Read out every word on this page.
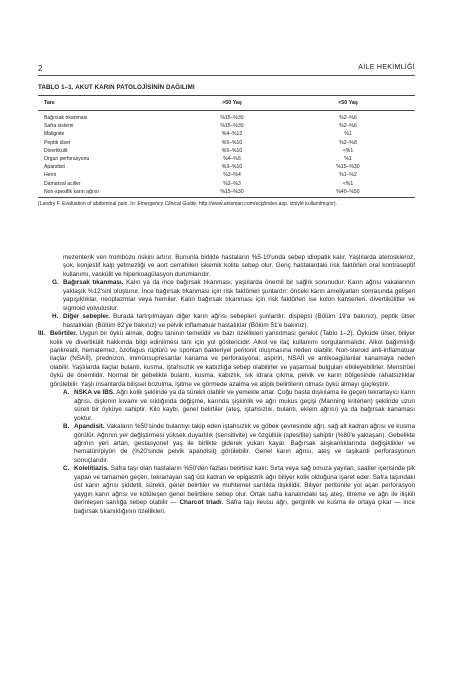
2	AİLE HEKİMLİĞİ
TABLO 1–1. AKUT KARIN PATOLOJİSİNİN DAĞILIMI
Tanı	>50 Yaş	<50 Yaş
Bağırsak tıkanması	%15–%30	%2–%6
Safra sistemi	%15–%30	%2–%6
Malignite	%4–%13	%1
Peptik ülser	%5–%10	%2–%8
Divertikülit	%5–%10	<%1
Organ perforasyonu	%4–%6	%1
Apandisit	%3–%10	%15–%30
Herni	%3–%4	%1–%2
Damarsal aciller	%2–%3	<%1
Non-spesifik karın ağrısı	%15–%30	%40–%50
(Landry F. Evaluation of abdominal pain. In: Emergency Clinical Guide. http://www.anisman.com/ecg/index.asp. izniyle kullanılmıştır).
mezenterik ven trombozu riskini artırır. Bununla birlikte hastaların %5-10'unda sebep idiopatik kalır. Yaşlılarda ateroskleroz, şok, konjestif kalp yetmezliği ve aort cerrahileri iskemik kolite sebep olur. Genç hastalardaki risk faktörleri oral kontraseptif kullanımı, vaskülit ve hiperkoagülasyon durumlarıdır.
G. Bağırsak tıkanması. Kalın ya da ince bağırsak tıkanması, yaşlılarda önemli bir sağlık sorunudur. Karın ağrısı vakalarının yaklaşık %12'sini oluşturur. İnce bağırsak tıkanması için risk faktörleri şunlardır: önceki karın ameliyatları sonrasında gelişen yapışıklıklar, neoplazmlar veya herniler. Kalın bağırsak tıkanması için risk faktörleri ise kolon kanserleri, divertikülitler ve sigmoid volvulustur.
H. Diğer sebepler. Burada tartışılmayan diğer karın ağrısı sebepleri şunlardır: dispepsi (Bölüm 19'a bakınız), peptik ülser hastalıkları (Bölüm 82'ye bakınız) ve pelvik inflamatuar hastalıklar (Bölüm 51'e bakınız).
III. Belirtiler. Uygun bir öykü almak, doğru tanının temelidir ve bazı özellikleri yansıtması gerekir (Tablo 1–2). Öyküde ülser, biliyer kolik ve divertikülit hakkında bilgi edinilmesi tanı için yol göstericidir. Alkol ve ilaç kullanımı sorgulanmalıdır. Alkol bağımlılığı pankreatit, hematemez, özofagus rüptürü ve spontan bakteriyel peritonit oluşmasına neden olabilir. Non-steroid anti-inflamatuar ilaçlar (NSAİİ), prednizon, immünsupresanlar kanama ve perforasyona; aspirin, NSAİİ ve antikoagülanlar kanamaya neden olabilir. Yaşlılarda ilaçlar bulantı, kusma, iştahsızlık ve kabızlığa sebep olabilirler ve yaşamsal bulguları etkileyebilirler. Menstrüel öykü de önemlidir. Normal bir gebelikte bulantı, kusma, kabızlık, sık idrara çıkma, pelvik ve karın bölgesinde rahatsızlıklar görülebilir. Yaşlı insanlarda bilişsel bozulma, işitme ve görmede azalma ve atipik belirtilerin olması öykü almayı güçleştirir.
A. NSKA ve IBS. Ağrı kolik şeklinde ya da sürekli olabilir ve yemekle artar. Çoğu hasta dışkılama ile geçen tekrarlayıcı karın ağrısı, dışkının kıvamı ve sıklığında değişme, karında şişkinlik ve ağrı mukus geçişi (Manning kriterleri) şeklinde uzun süreli bir öyküye sahiptir. Kilo kaybı, genel belirtiler (ateş, iştahsızlık, bulantı, eklem ağrısı) ya da bağırsak kanaması yoktur.
B. Apandisit. Vakaların %50'sinde bulantıyı takip eden iştahsızlık ve göbek çevresinde ağrı, sağ alt kadran ağrısı ve kusma görülür. Ağrının yer değiştirmesi yüksek duyarlılık (sensitivite) ve özgüllük (spesifite) sahiptir (%80'e yaklaşan). Gebelikte ağrının yeri artan, gestasyonel yaş ile birlikte giderek yukarı kayar. Bağırsak alışkanlıklarında değişiklikler ve hematüri/piyüri de (%20'sinde pelvik apandisit) görülebilir. Genel karın ağrısı, ateş ve taşikardi perforasyonun sonuçlarıdır.
C. Kolelitiazis. Safra taşı olan hastaların %50'den fazlası belirtisiz kalır. Sırta veya sağ omuza yayılan, saatler içerisinde pik yapan ve tamamen geçen, tekrarlayan sağ üst kadran ve epigastrik ağrı biliyer kolik olduğuna işaret eder. Safra taşındaki üst karın ağrısı şiddetli, sürekli, genel belirtiler ve muhtemel sarılıkla ilişkilidir. Biliyer peritonite yol açan perforasyon yaygın karın ağrısı ve kötüleşen genel belirtilere sebep olur. Ortak safra kanalındaki taş ateş, titreme ve ağrı ile ilişkili derinleşen sarılığa sebep olabilir — Charcot triadı. Safra taşı ileusu ağrı, gerginlik ve kusma ile ortaya çıkar — ince bağırsak tıkanıklığının özellikleri.
